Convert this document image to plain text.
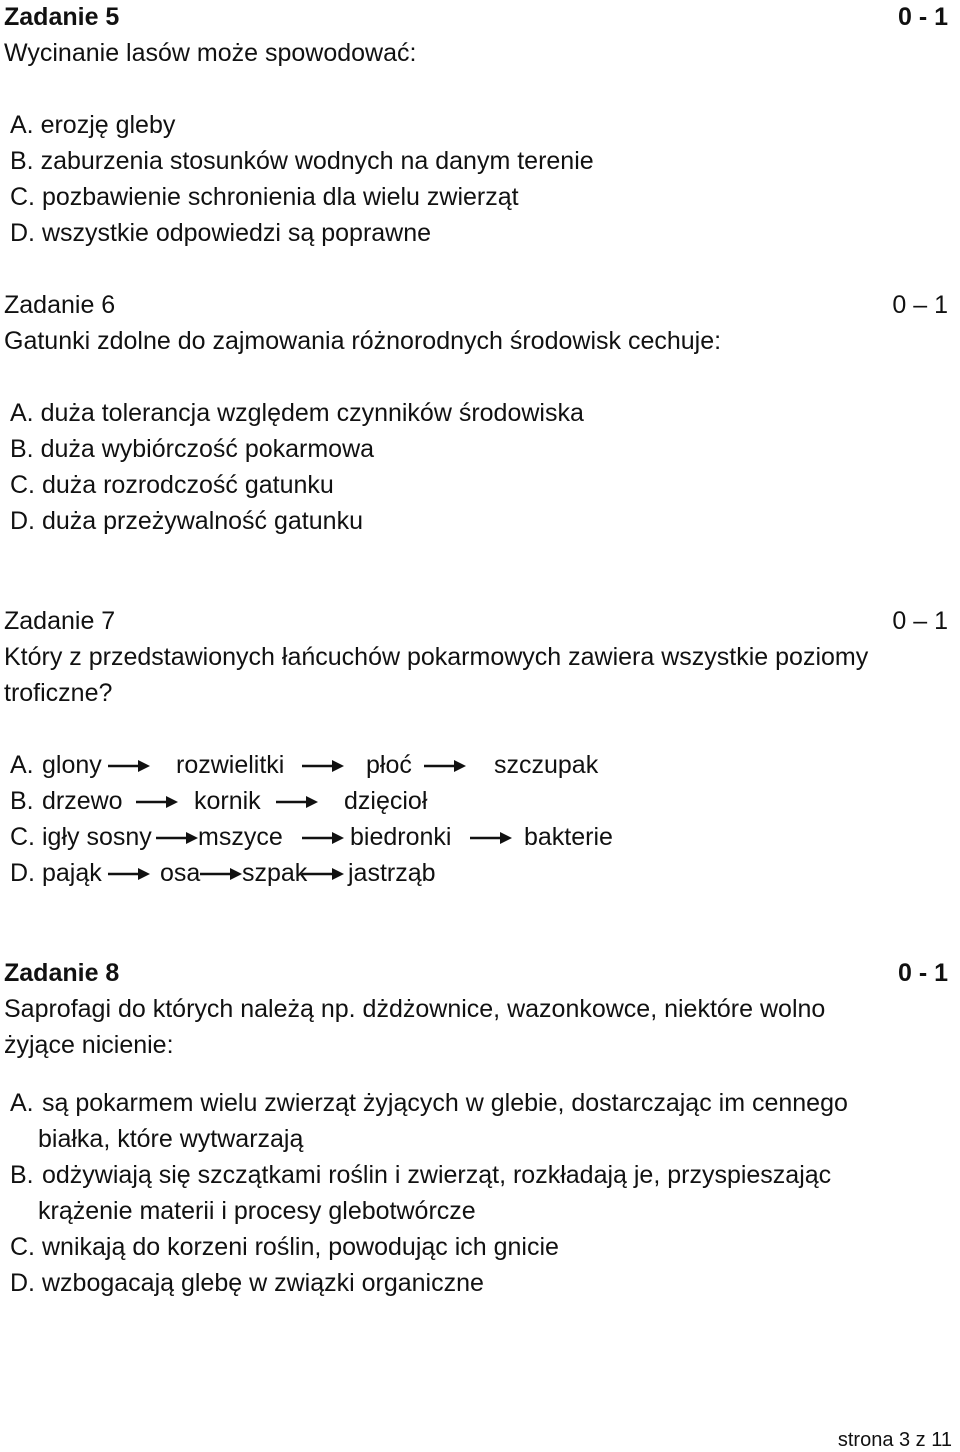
Zadanie 5	0 - 1
Wycinanie lasów może spowodować:
A. erozję gleby
B. zaburzenia stosunków wodnych na danym terenie
C. pozbawienie schronienia dla wielu zwierząt
D. wszystkie odpowiedzi są poprawne
Zadanie 6	0 – 1
Gatunki zdolne do zajmowania różnorodnych środowisk cechuje:
A. duża tolerancja względem czynników środowiska
B. duża wybiórczość pokarmowa
C. duża rozrodczość gatunku
D. duża przeżywalność gatunku
Zadanie 7	0 – 1
Który z przedstawionych łańcuchów pokarmowych zawiera wszystkie poziomy
troficzne?
A. glony	rozwielitki	płoć	szczupak
B. drzewo	kornik	dzięcioł
C. igły sosny mszyce	biedronki	bakterie
D. pająk osa szpak jastrząb
Zadanie 8	0 - 1
Saprofagi do których należą np. dżdżownice, wazonkowce, niektóre wolno
żyjące nicienie:
A. są pokarmem wielu zwierząt żyjących w glebie, dostarczając im cennego
białka, które wytwarzają
B. odżywiają się szczątkami roślin i zwierząt, rozkładają je, przyspieszając
krążenie materii i procesy glebotwórcze
C. wnikają do korzeni roślin, powodując ich gnicie
D. wzbogacają glebę w związki organiczne
strona 3 z 11
